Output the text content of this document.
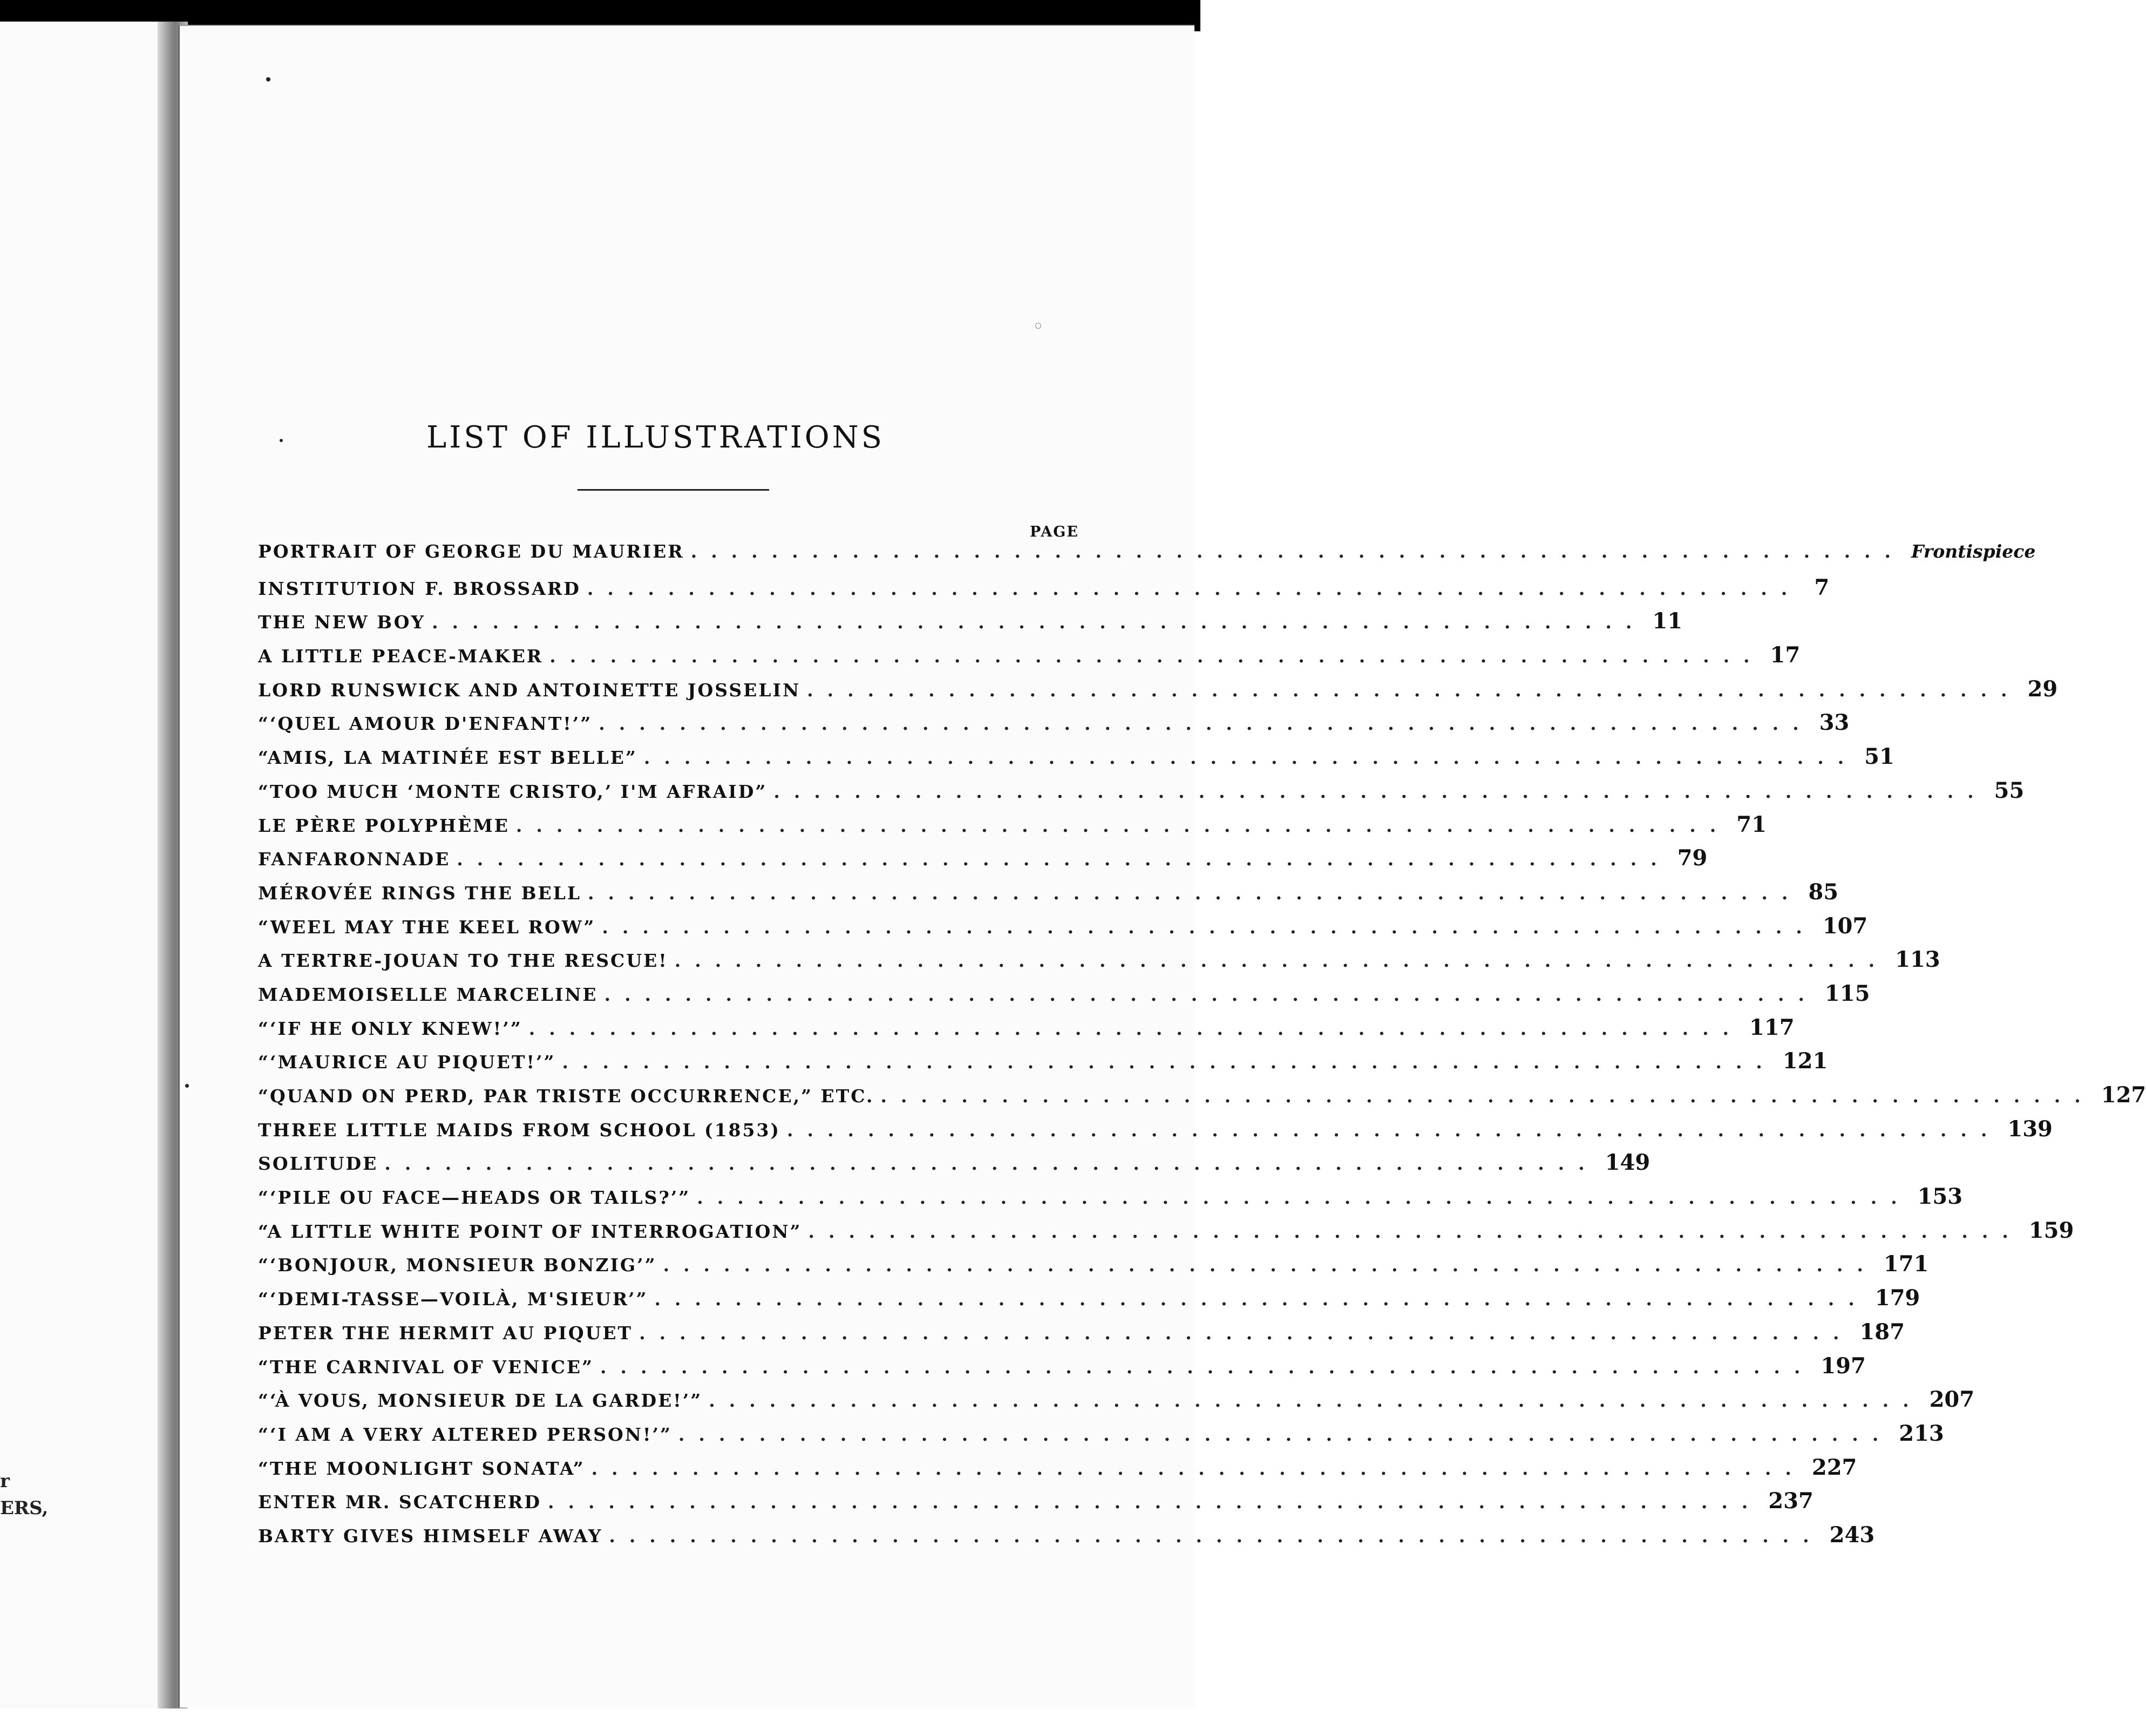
r
ERS,
LIST OF ILLUSTRATIONS
PAGE
PORTRAIT OF GEORGE DU MAURIER ............................................................ Frontispiece
INSTITUTION F. BROSSARD ............................................................ 7
THE NEW BOY ............................................................ 11
A LITTLE PEACE-MAKER ............................................................ 17
LORD RUNSWICK AND ANTOINETTE JOSSELIN ............................................................ 29
“‘QUEL AMOUR D'ENFANT!’” ............................................................ 33
“AMIS, LA MATINÉE EST BELLE” ............................................................ 51
“TOO MUCH ‘MONTE CRISTO,’ I'M AFRAID” ............................................................ 55
LE PÈRE POLYPHÈME ............................................................ 71
FANFARONNADE ............................................................ 79
MÉROVÉE RINGS THE BELL ............................................................ 85
“WEEL MAY THE KEEL ROW” ............................................................ 107
A TERTRE-JOUAN TO THE RESCUE! ............................................................ 113
MADEMOISELLE MARCELINE ............................................................ 115
“‘IF HE ONLY KNEW!’” ............................................................ 117
“‘MAURICE AU PIQUET!’” ............................................................ 121
“QUAND ON PERD, PAR TRISTE OCCURRENCE,” ETC. ............................................................ 127
THREE LITTLE MAIDS FROM SCHOOL (1853) ............................................................ 139
SOLITUDE ............................................................ 149
“‘PILE OU FACE—HEADS OR TAILS?’” ............................................................ 153
“A LITTLE WHITE POINT OF INTERROGATION” ............................................................ 159
“‘BONJOUR, MONSIEUR BONZIG’” ............................................................ 171
“‘DEMI-TASSE—VOILÀ, M'SIEUR’” ............................................................ 179
PETER THE HERMIT AU PIQUET ............................................................ 187
“THE CARNIVAL OF VENICE” ............................................................ 197
“‘À VOUS, MONSIEUR DE LA GARDE!’” ............................................................ 207
“‘I AM A VERY ALTERED PERSON!’” ............................................................ 213
“THE MOONLIGHT SONATA” ............................................................ 227
ENTER MR. SCATCHERD ............................................................ 237
BARTY GIVES HIMSELF AWAY ............................................................ 243
